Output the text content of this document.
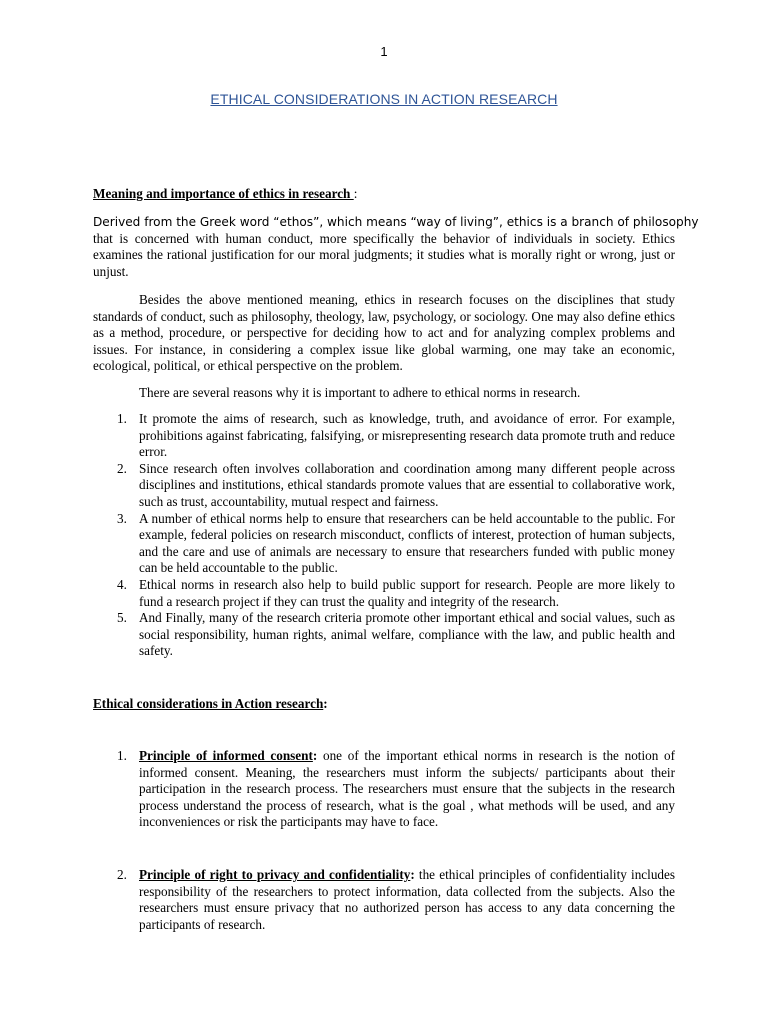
1
ETHICAL CONSIDERATIONS IN ACTION RESEARCH
Meaning and importance of ethics in research :
Derived from the Greek word “ethos”, which means “way of living”, ethics is a branch of philosophy

that is concerned with human conduct, more specifically the behavior of individuals in society. Ethics examines the rational justification for our moral judgments; it studies what is morally right or wrong, just or unjust.

Besides the above mentioned meaning, ethics in research focuses on the disciplines that study standards of conduct, such as philosophy, theology, law, psychology, or sociology. One may also define ethics as a method, procedure, or perspective for deciding how to act and for analyzing complex problems and issues. For instance, in considering a complex issue like global warming, one may take an economic, ecological, political, or ethical perspective on the problem.

There are several reasons why it is important to adhere to ethical norms in research.

1. It promote the aims of research, such as knowledge, truth, and avoidance of error. For example, prohibitions against fabricating, falsifying, or misrepresenting research data promote truth and reduce error.
2. Since research often involves collaboration and coordination among many different people across disciplines and institutions, ethical standards promote values that are essential to collaborative work, such as trust, accountability, mutual respect and fairness.
3. A number of ethical norms help to ensure that researchers can be held accountable to the public. For example, federal policies on research misconduct, conflicts of interest, protection of human subjects, and the care and use of animals are necessary to ensure that researchers funded with public money can be held accountable to the public.
4. Ethical norms in research also help to build public support for research. People are more likely to fund a research project if they can trust the quality and integrity of the research.
5. And Finally, many of the research criteria promote other important ethical and social values, such as social responsibility, human rights, animal welfare, compliance with the law, and public health and safety.
Ethical considerations in Action research:
1. Principle of informed consent: one of the important ethical norms in research is the notion of informed consent. Meaning, the researchers must inform the subjects/ participants about their participation in the research process. The researchers must ensure that the subjects in the research process understand the process of research, what is the goal , what methods will be used, and any inconveniences or risk the participants may have to face.
2. Principle of right to privacy and confidentiality: the ethical principles of confidentiality includes responsibility of the researchers to protect information, data collected from the subjects. Also the researchers must ensure privacy that no authorized person has access to any data concerning the participants of research.
